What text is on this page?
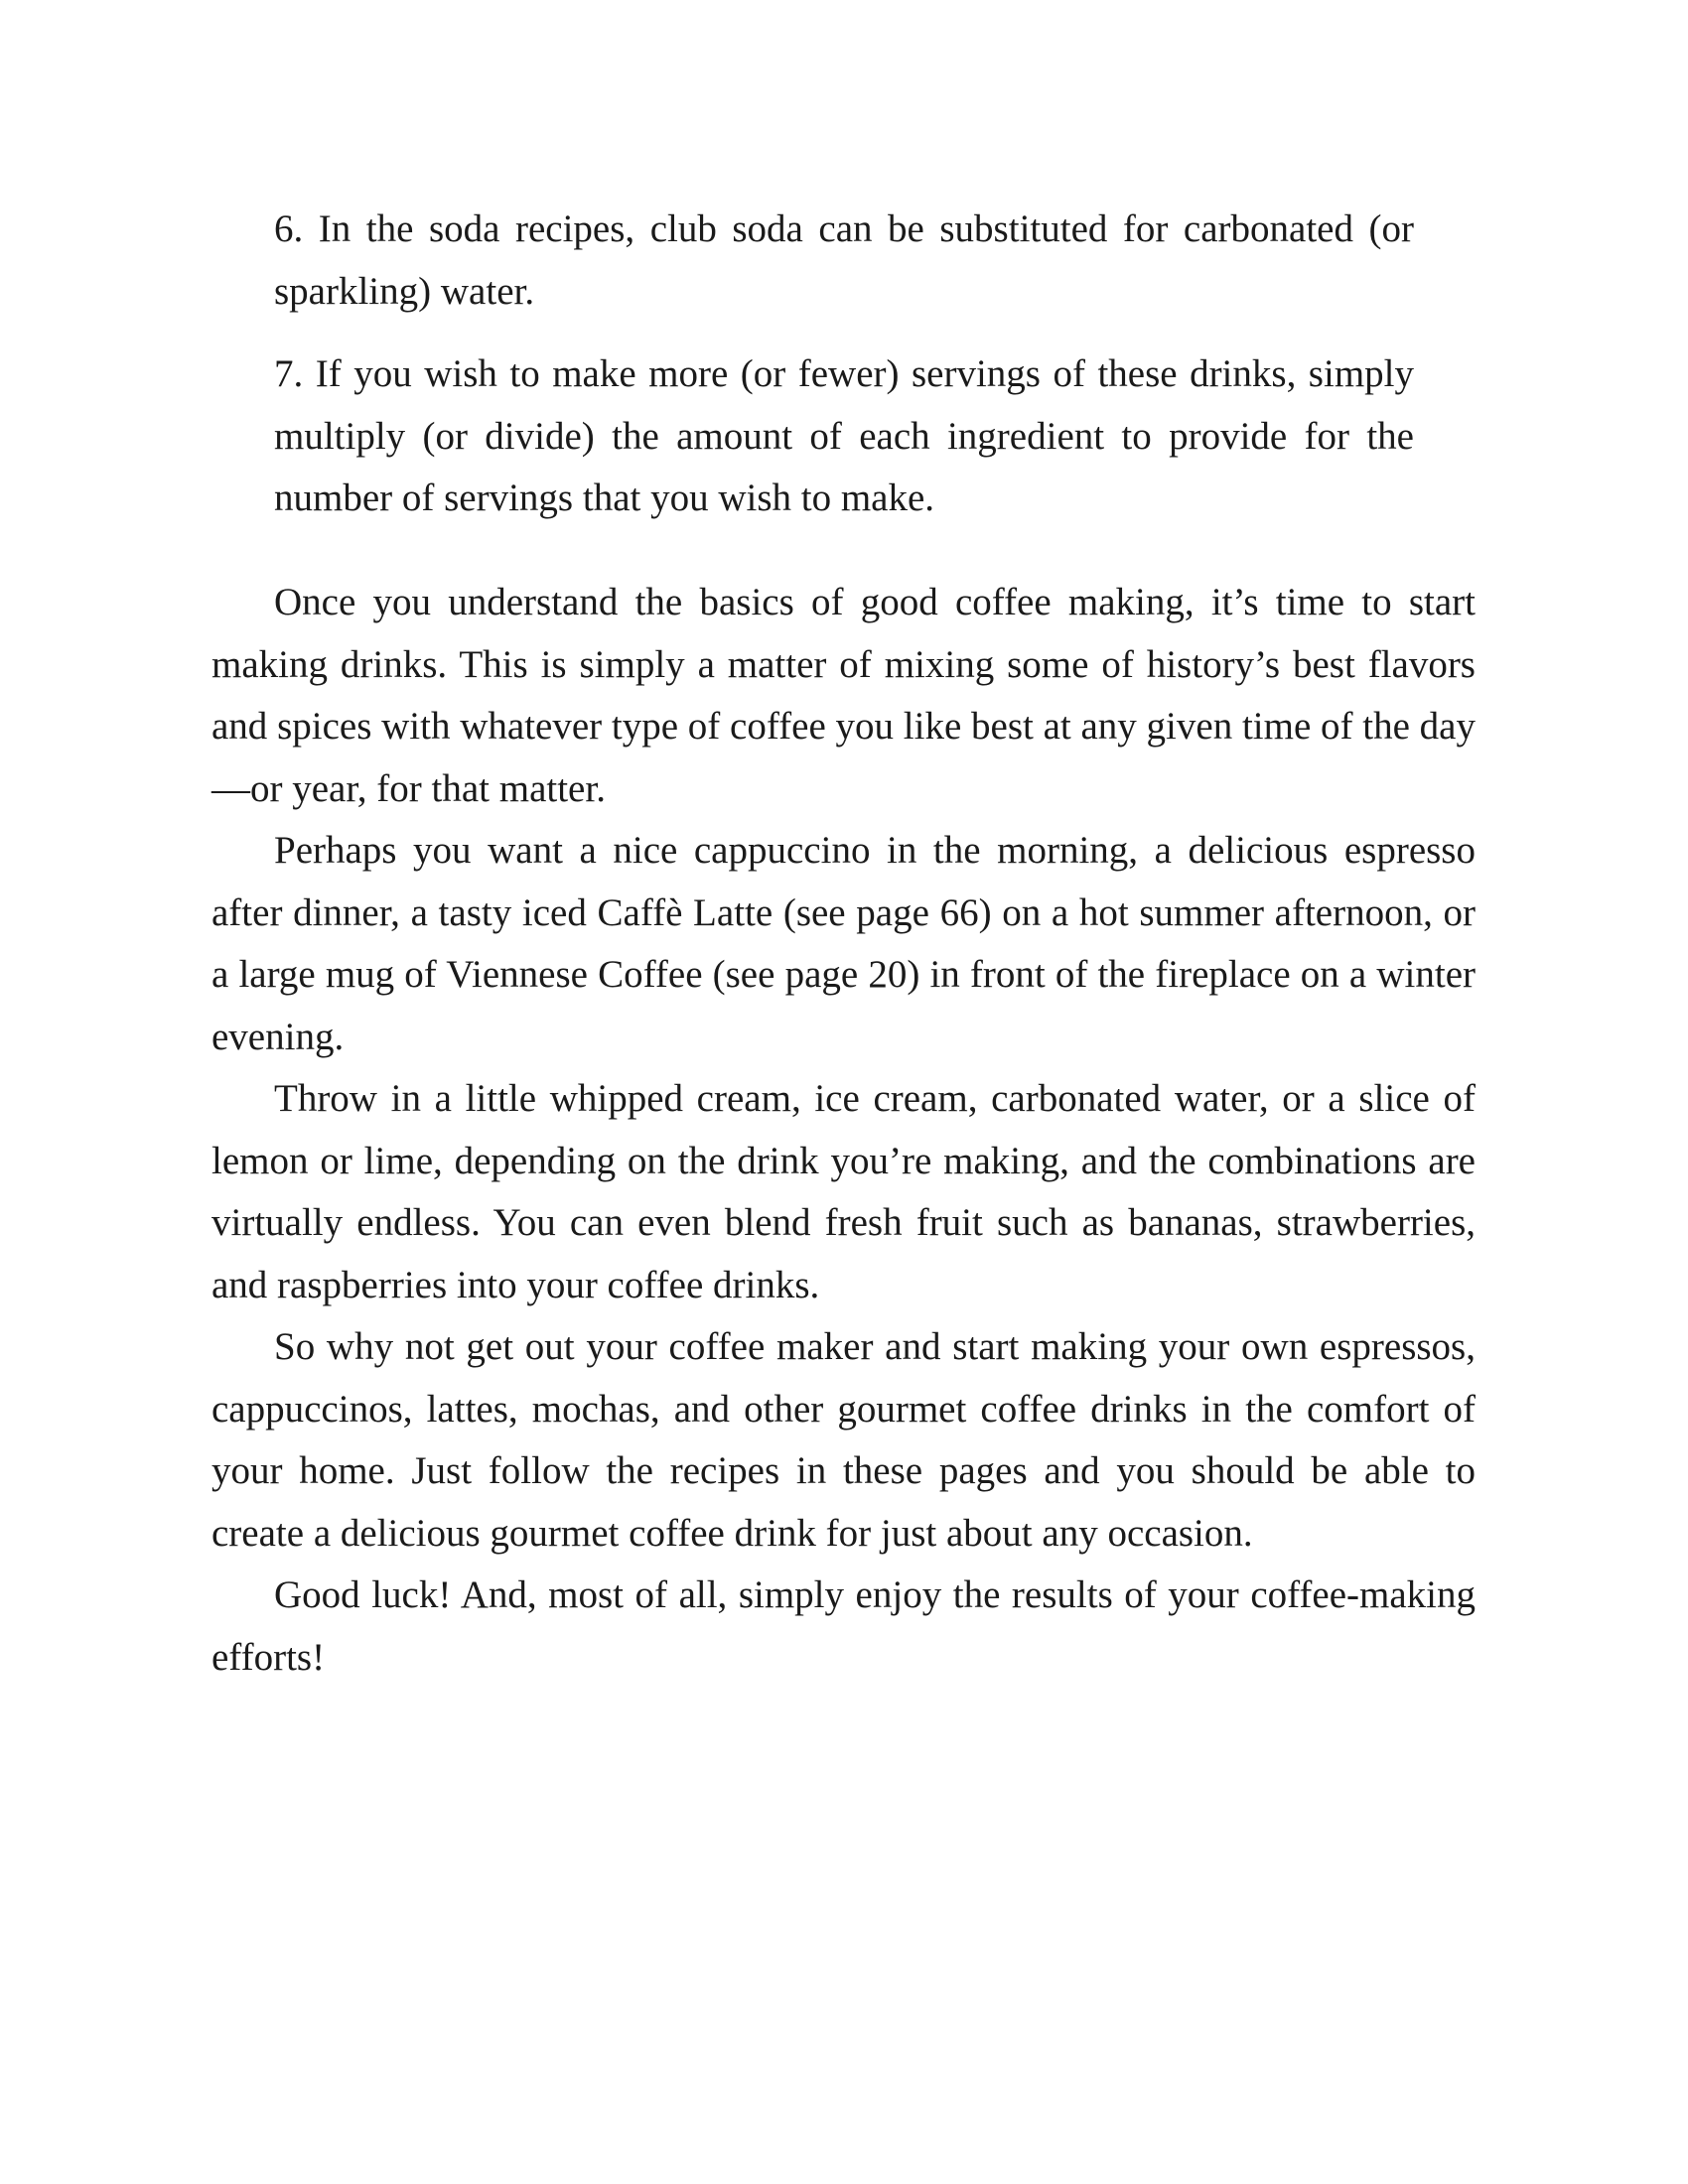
6. In the soda recipes, club soda can be substituted for carbonated (or sparkling) water.

7. If you wish to make more (or fewer) servings of these drinks, simply multiply (or divide) the amount of each ingredient to provide for the number of servings that you wish to make.

Once you understand the basics of good coffee making, it’s time to start making drinks. This is simply a matter of mixing some of history’s best flavors and spices with whatever type of coffee you like best at any given time of the day—or year, for that matter.

Perhaps you want a nice cappuccino in the morning, a delicious espresso after dinner, a tasty iced Caffè Latte (see page 66) on a hot summer afternoon, or a large mug of Viennese Coffee (see page 20) in front of the fireplace on a winter evening.

Throw in a little whipped cream, ice cream, carbonated water, or a slice of lemon or lime, depending on the drink you’re making, and the combinations are virtually endless. You can even blend fresh fruit such as bananas, strawberries, and raspberries into your coffee drinks.

So why not get out your coffee maker and start making your own espressos, cappuccinos, lattes, mochas, and other gourmet coffee drinks in the comfort of your home. Just follow the recipes in these pages and you should be able to create a delicious gourmet coffee drink for just about any occasion.

Good luck! And, most of all, simply enjoy the results of your coffee-making efforts!
